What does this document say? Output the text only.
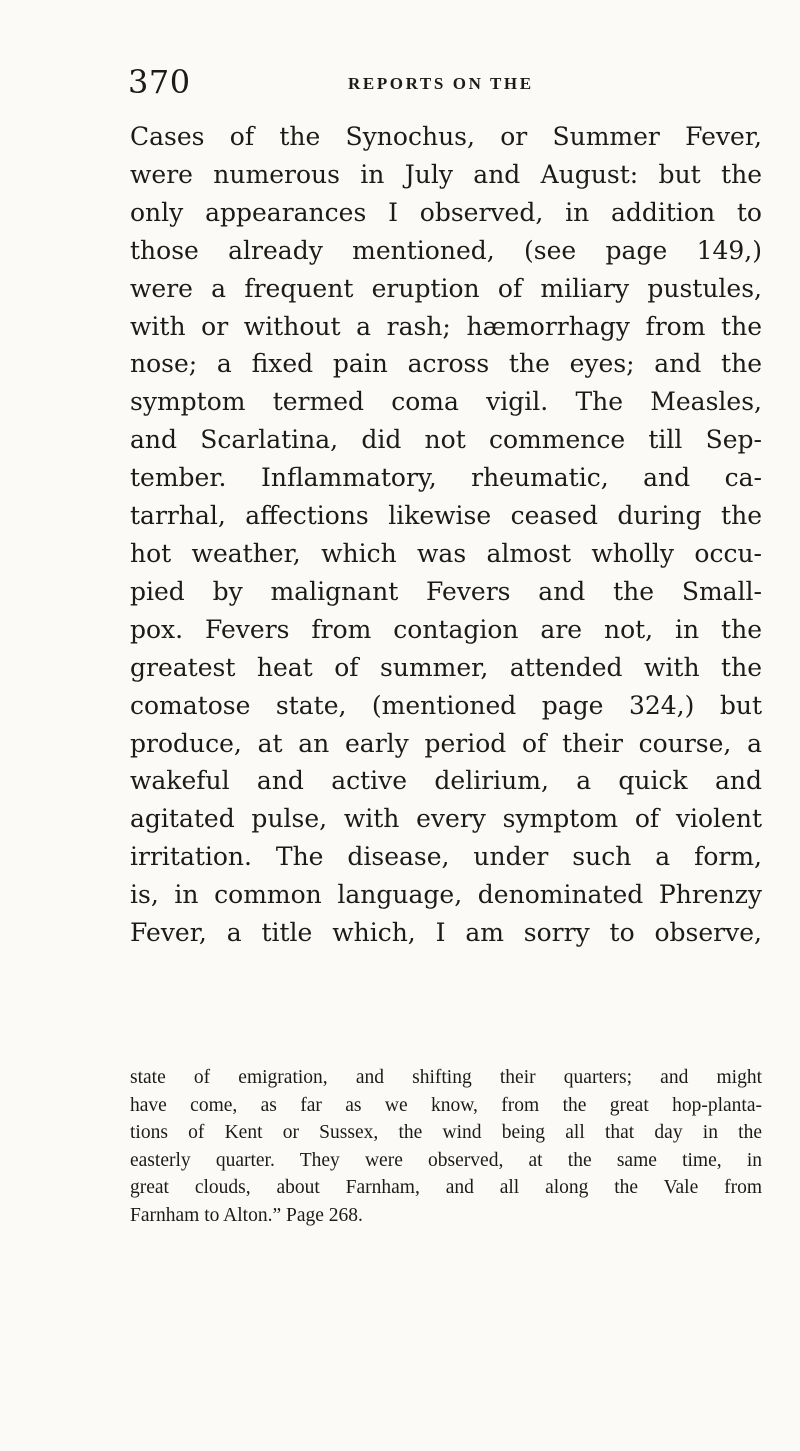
370	REPORTS ON THE
Cases of the Synochus, or Summer Fever,
were numerous in July and August: but the
only appearances I observed, in addition to
those already mentioned, (see page 149,)
were a frequent eruption of miliary pustules,
with or without a rash; hæmorrhagy from the
nose; a fixed pain across the eyes; and the
symptom termed coma vigil. The Measles,
and Scarlatina, did not commence till Sep-
tember. Inflammatory, rheumatic, and ca-
tarrhal, affections likewise ceased during the
hot weather, which was almost wholly occu-
pied by malignant Fevers and the Small-
pox. Fevers from contagion are not, in the
greatest heat of summer, attended with the
comatose state, (mentioned page 324,) but
produce, at an early period of their course, a
wakeful and active delirium, a quick and
agitated pulse, with every symptom of violent
irritation. The disease, under such a form,
is, in common language, denominated Phrenzy
Fever, a title which, I am sorry to observe,
state of emigration, and shifting their quarters; and might
have come, as far as we know, from the great hop-planta-
tions of Kent or Sussex, the wind being all that day in the
easterly quarter. They were observed, at the same time, in
great clouds, about Farnham, and all along the Vale from
Farnham to Alton.” Page 268.
